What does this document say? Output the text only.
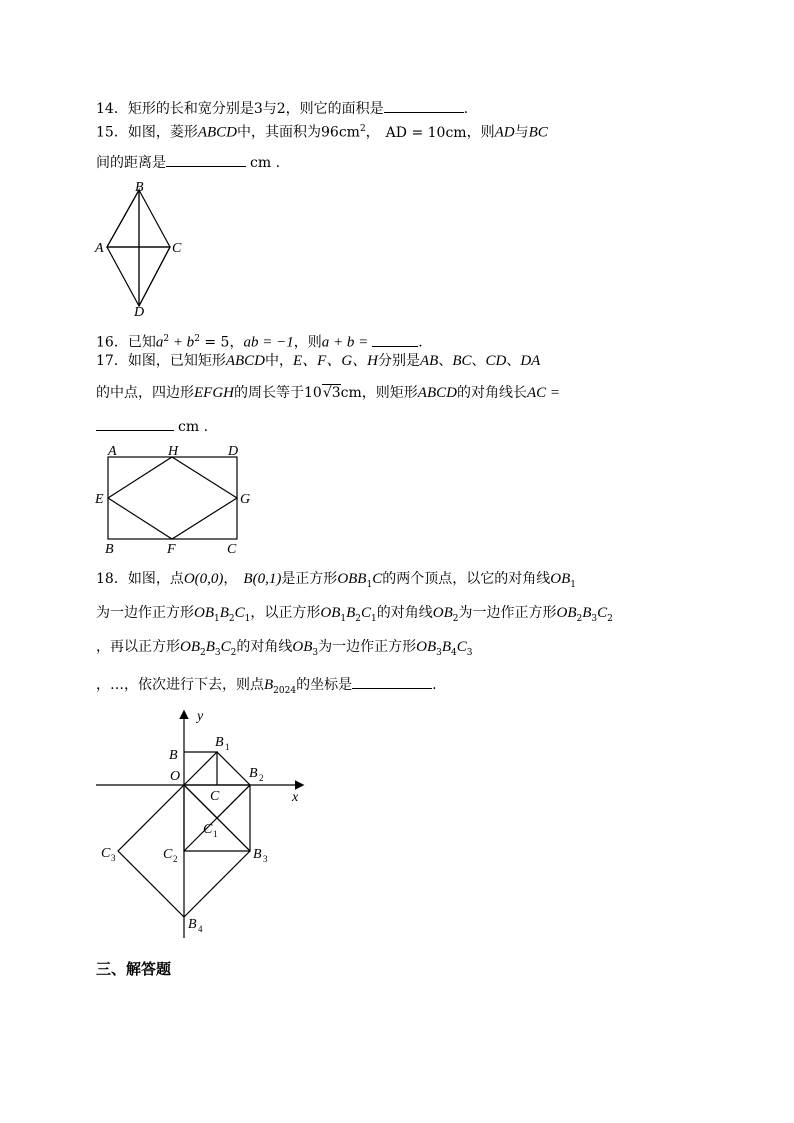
14．矩形的长和宽分别是3与2，则它的面积是	.
15．如图，菱形ABCD中，其面积为$96cm^2$， AD = 10cm，则AD与BC
间的距离是	cm .
B
A	C
D
16．已知$a^2 + b^2 = 5$，ab = −1，则a + b =	.
17．如图，已知矩形ABCD中，E、F、G、H分别是AB、BC、CD、DA
的中点，四边形EFGH的周长等于10√3cm，则矩形ABCD的对角线长AC =
cm .
A	H	D
E	G
B	F	C
18．如图，点O(0,0)， B(0,1)是正方形$OBB_1C$的两个顶点，以它的对角线$OB_1$
为一边作正方形$OB_1B_2C_1$，以正方形$OB_1B_2C_1$的对角线$OB_2$为一边作正方形$OB_2B_3C_2$
，再以正方形$OB_2B_3C_2$的对角线$OB_3$为一边作正方形$OB_3B_4C_3$
，…，依次进行下去，则点$B_{2024}$的坐标是	.
y
x
B
O
C
B 1
B 2
C 1
C 2	B 3
C 3
B 4
三、解答题
